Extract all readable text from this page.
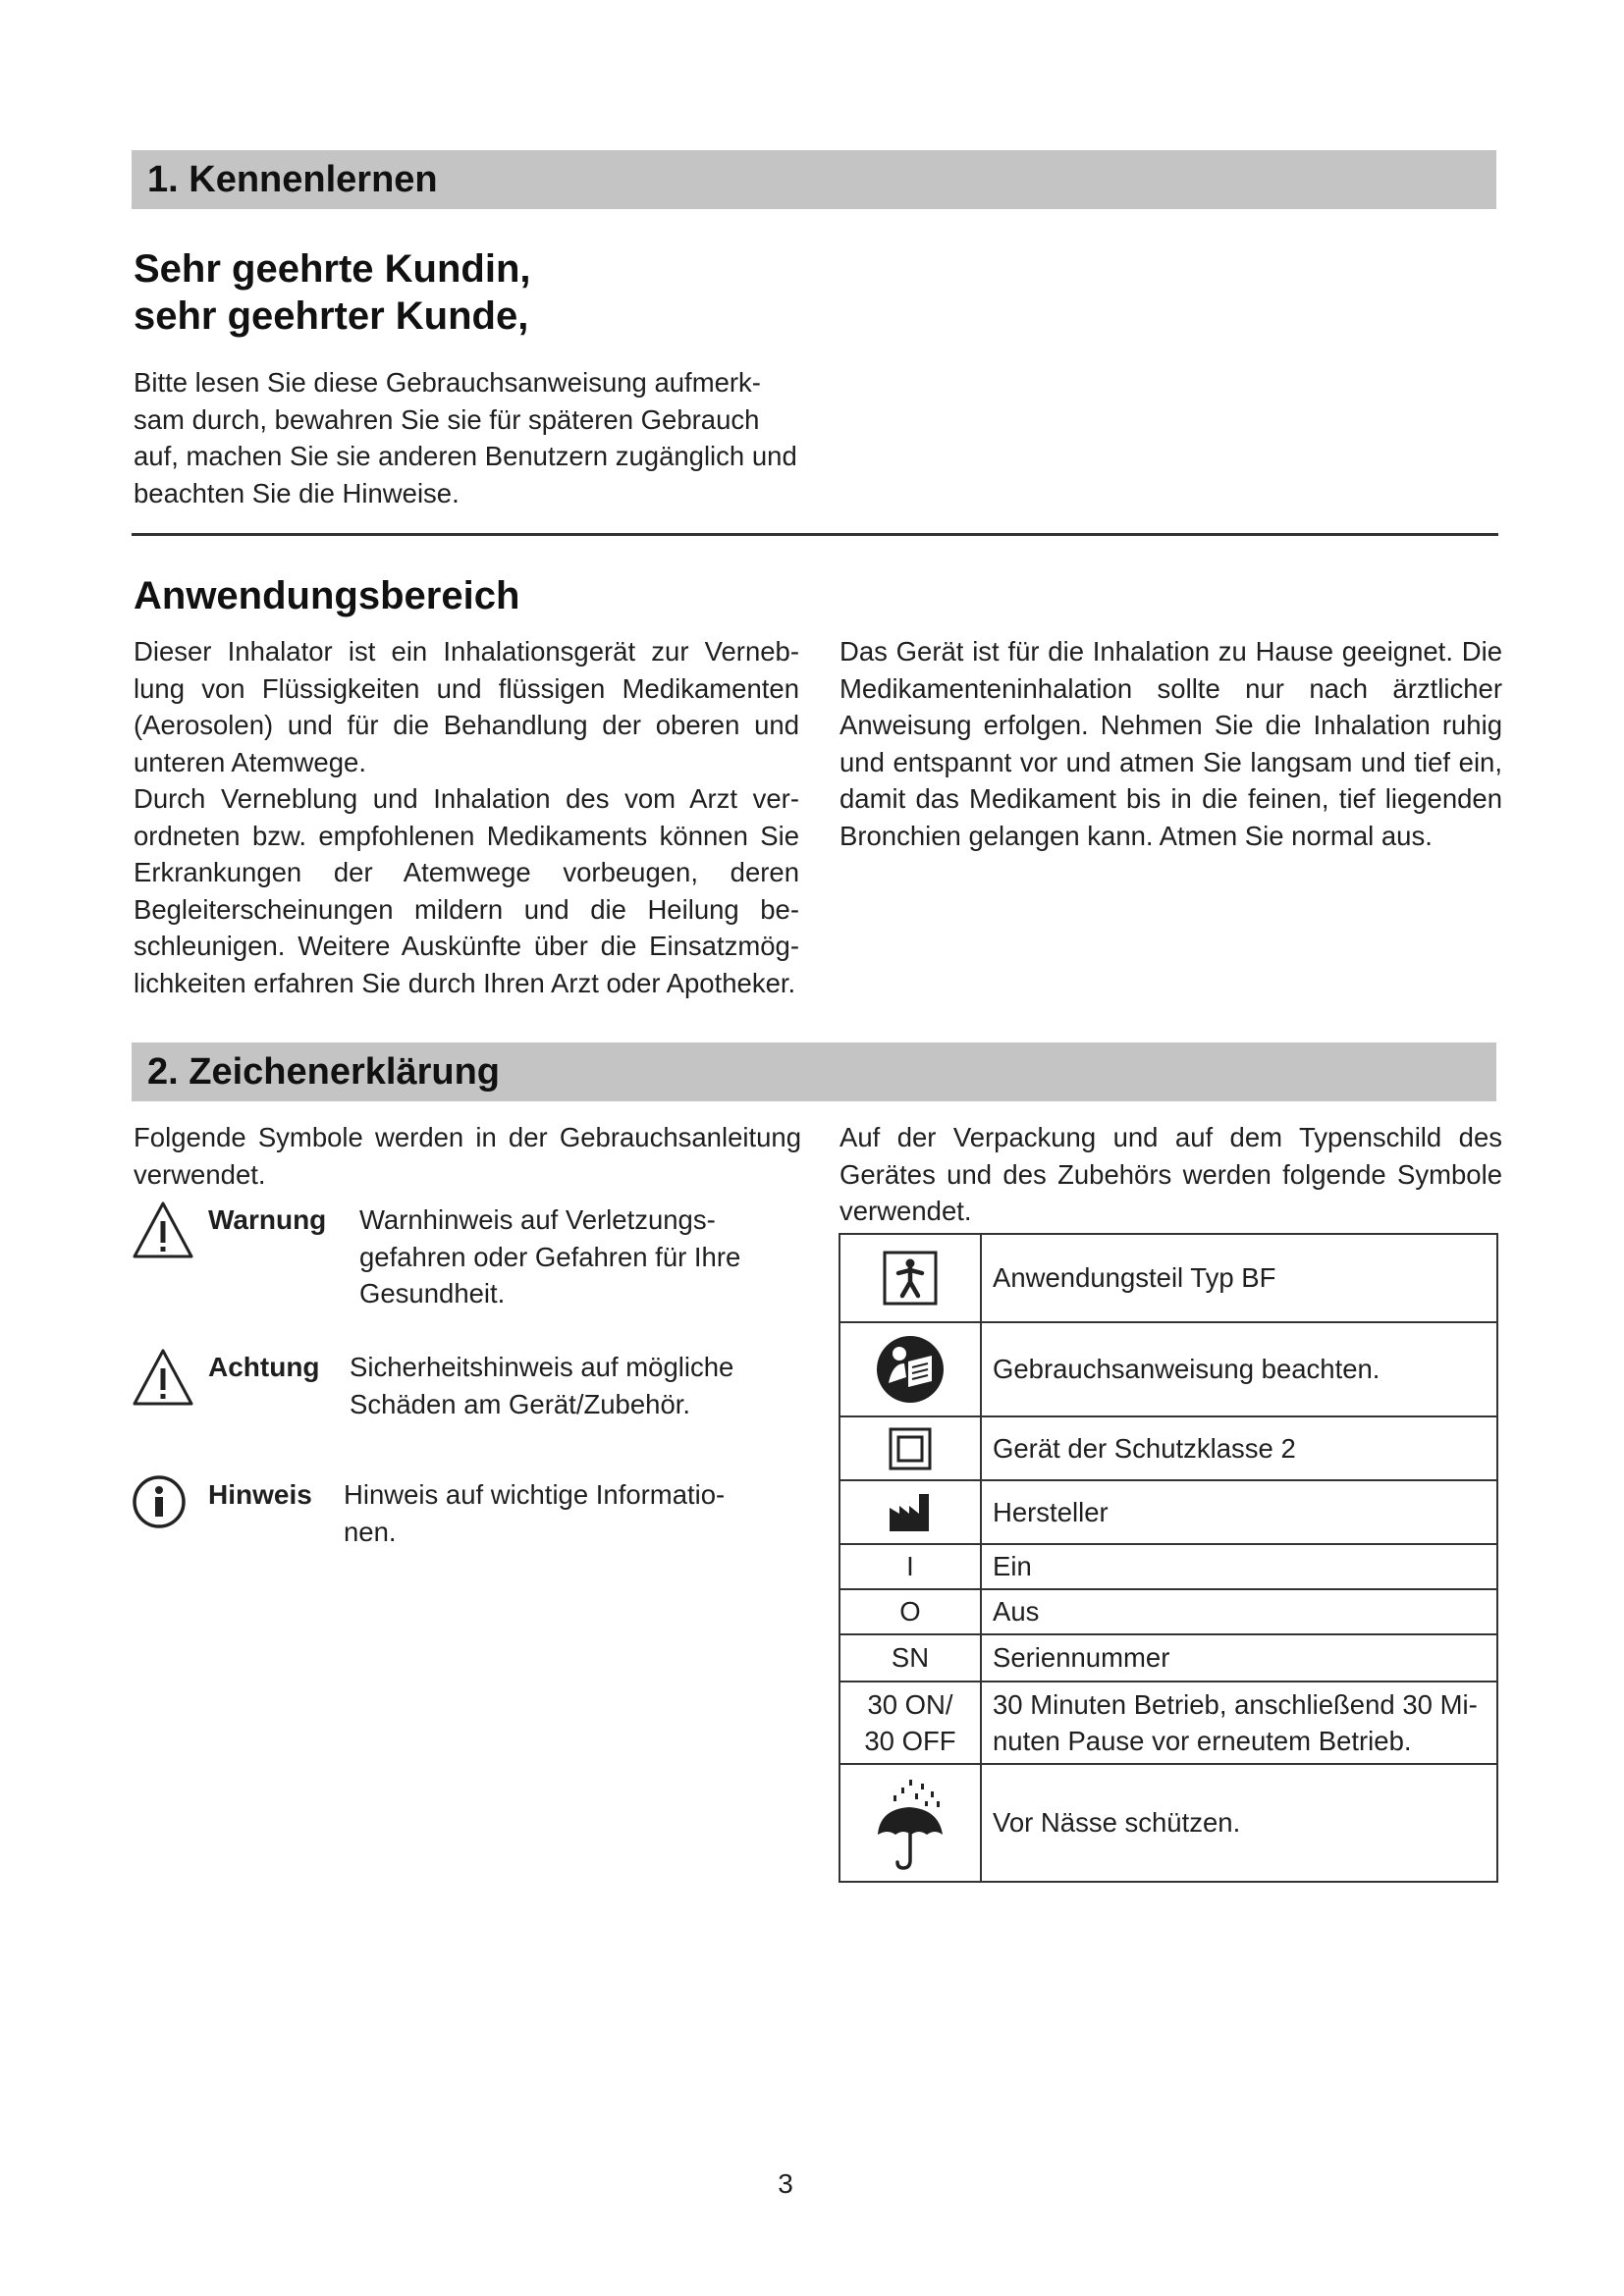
1. Kennenlernen
Sehr geehrte Kundin,
sehr geehrter Kunde,

Bitte lesen Sie diese Gebrauchsanweisung aufmerk-sam durch, bewahren Sie sie für späteren Gebrauch auf, machen Sie sie anderen Benutzern zugänglich und beachten Sie die Hinweise.

Anwendungsbereich

Dieser Inhalator ist ein Inhalationsgerät zur Verneb-lung von Flüssigkeiten und flüssigen Medikamenten (Aerosolen) und für die Behandlung der oberen und unteren Atemwege.

Durch Verneblung und Inhalation des vom Arzt ver-ordneten bzw. empfohlenen Medikaments können Sie Erkrankungen der Atemwege vorbeugen, deren Begleiterscheinungen mildern und die Heilung be-schleunigen. Weitere Auskünfte über die Einsatzmög-lichkeiten erfahren Sie durch Ihren Arzt oder Apotheker.

Das Gerät ist für die Inhalation zu Hause geeignet. Die Medikamenteninhalation sollte nur nach ärztlicher Anweisung erfolgen. Nehmen Sie die Inhalation ruhig und entspannt vor und atmen Sie langsam und tief ein, damit das Medikament bis in die feinen, tief liegenden Bronchien gelangen kann. Atmen Sie normal aus.

2. Zeichenerklärung

Folgende Symbole werden in der Gebrauchsanleitung verwendet.

Auf der Verpackung und auf dem Typenschild des Gerätes und des Zubehörs werden folgende Symbole verwendet.

Warnung Warnhinweis auf Verletzungs-gefahren oder Gefahren für Ihre Gesundheit.
Achtung Sicherheitshinweis auf mögliche Schäden am Gerät/Zubehör.
Hinweis Hinweis auf wichtige Informatio-nen.
	Anwendungsteil Typ BF

	Gebrauchsanweisung beachten.

	Gerät der Schutzklasse 2

	Hersteller
I	Ein
O	Aus
SN	Seriennummer
30 ON/
30 OFF	30 Minuten Betrieb, anschließend 30 Mi-nuten Pause vor erneutem Betrieb.

	Vor Nässe schützen.
3
